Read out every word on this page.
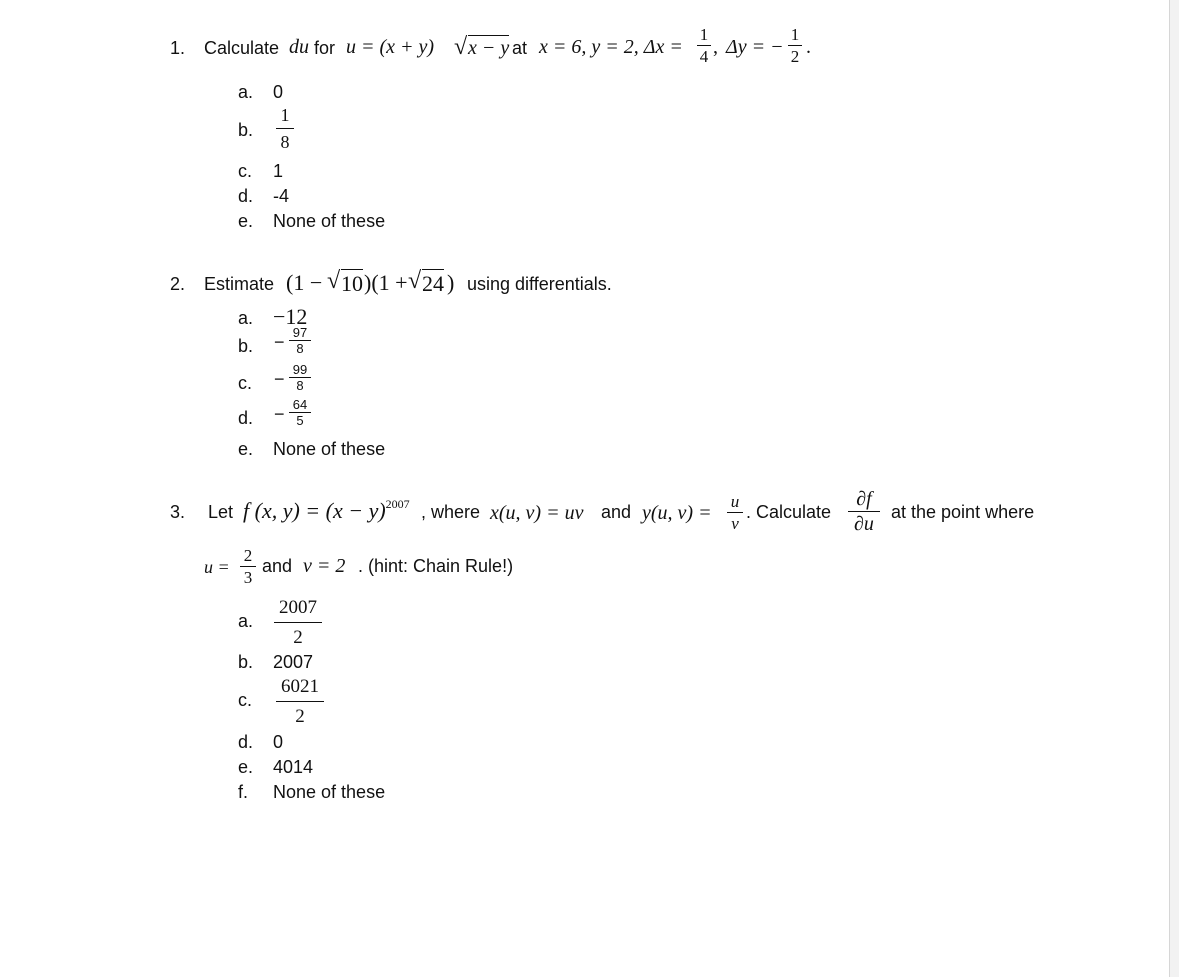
1. Calculate du for u = (x + y) √ x − y at x = 6, y = 2, Δx =
1
4 , Δy = −
1
2 .
a. 0
b.
1
8
c. 1
d. -4
e. None of these
2. Estimate (1 − √ 10 )(1 + √ 24 ) using differentials.
a. −12
b. − 97
8
c. − 99
8
d. − 64
5
e. None of these
3. Let f (x, $y) = (x - y)^{2007}$ , where x(u, v) = uv and y(u, v) =
u
v
. Calculate
∂f
∂u
at the point where
u =
2
3
and v = 2 . (hint: Chain Rule!)
a.
2007
2
b. 2007
c.
6021
2
d. 0
e. 4014
f. None of these
